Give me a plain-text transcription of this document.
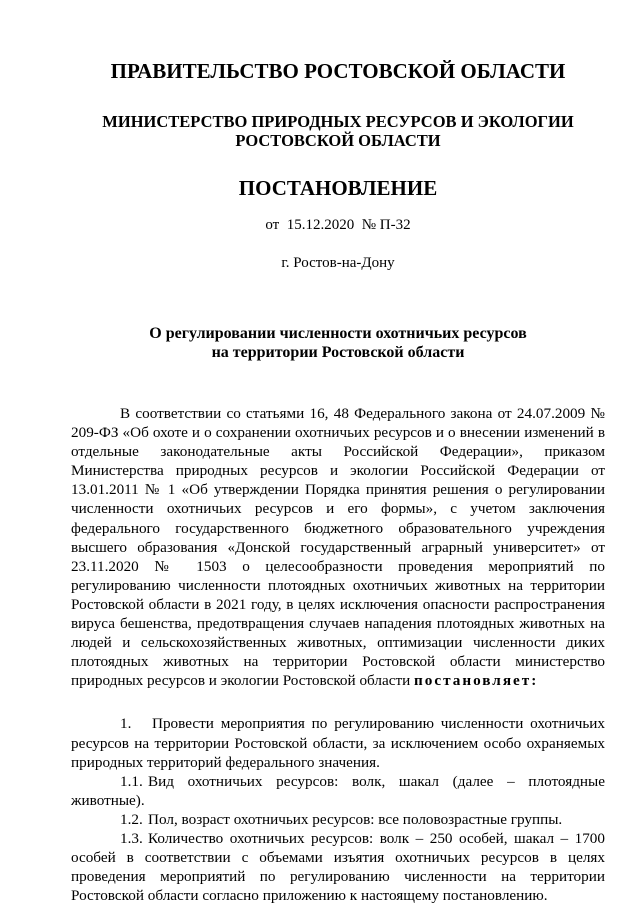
ПРАВИТЕЛЬСТВО РОСТОВСКОЙ ОБЛАСТИ
МИНИСТЕРСТВО ПРИРОДНЫХ РЕСУРСОВ И ЭКОЛОГИИ
РОСТОВСКОЙ ОБЛАСТИ
ПОСТАНОВЛЕНИЕ
от  15.12.2020  № П-32
г. Ростов-на-Дону
О регулировании численности охотничьих ресурсов
на территории Ростовской области

В соответствии со статьями 16, 48 Федерального закона от 24.07.2009 № 209-ФЗ «Об охоте и о сохранении охотничьих ресурсов и о внесении изменений в отдельные законодательные акты Российской Федерации», приказом Министерства природных ресурсов и экологии Российской Федерации от 13.01.2011 № 1 «Об утверждении Порядка принятия решения о регулировании численности охотничьих ресурсов и его формы», с учетом заключения федерального государственного бюджетного образовательного учреждения высшего образования «Донской государственный аграрный университет» от 23.11.2020 № 1503 о целесообразности проведения мероприятий по регулированию численности плотоядных охотничьих животных на территории Ростовской области в 2021 году, в целях исключения опасности распространения вируса бешенства, предотвращения случаев нападения плотоядных животных на людей и сельскохозяйственных животных, оптимизации численности диких плотоядных животных на территории Ростовской области министерство природных ресурсов и экологии Ростовской области постановляет:

1. Провести мероприятия по регулированию численности охотничьих ресурсов на территории Ростовской области, за исключением особо охраняемых природных территорий федерального значения.

1.1. Вид охотничьих ресурсов: волк, шакал (далее – плотоядные животные).

1.2. Пол, возраст охотничьих ресурсов: все половозрастные группы.

1.3. Количество охотничьих ресурсов: волк – 250 особей, шакал – 1700 особей в соответствии с объемами изъятия охотничьих ресурсов в целях проведения мероприятий по регулированию численности на территории Ростовской области согласно приложению к настоящему постановлению.
